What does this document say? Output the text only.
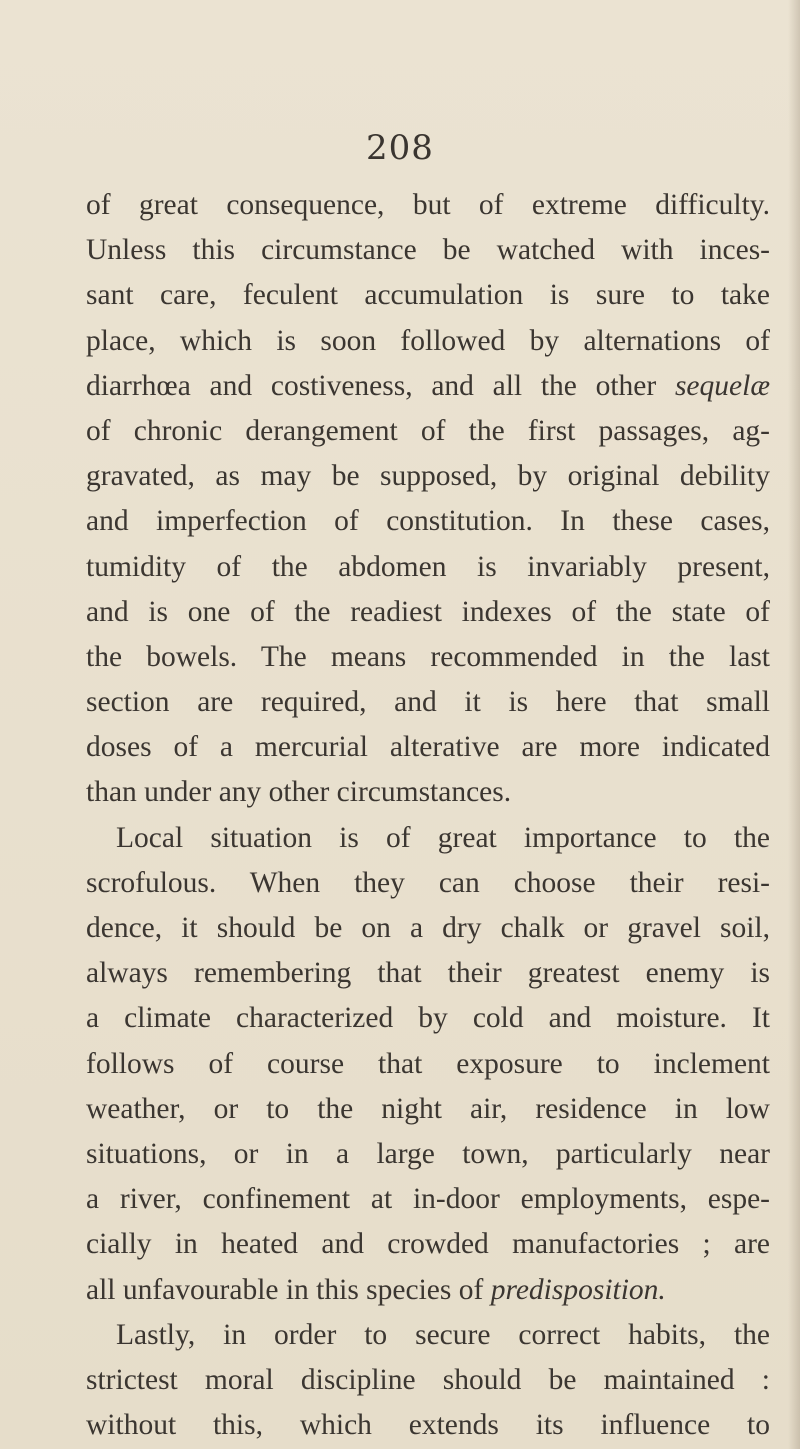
208
of great consequence, but of extreme difficulty.
Unless this circumstance be watched with inces-
sant care, feculent accumulation is sure to take
place, which is soon followed by alternations of
diarrhœa and costiveness, and all the other sequelæ
of chronic derangement of the first passages, ag-
gravated, as may be supposed, by original debility
and imperfection of constitution. In these cases,
tumidity of the abdomen is invariably present,
and is one of the readiest indexes of the state of
the bowels. The means recommended in the last
section are required, and it is here that small
doses of a mercurial alterative are more indicated
than under any other circumstances.
Local situation is of great importance to the
scrofulous. When they can choose their resi-
dence, it should be on a dry chalk or gravel soil,
always remembering that their greatest enemy is
a climate characterized by cold and moisture. It
follows of course that exposure to inclement
weather, or to the night air, residence in low
situations, or in a large town, particularly near
a river, confinement at in-door employments, espe-
cially in heated and crowded manufactories ; are
all unfavourable in this species of predisposition.
Lastly, in order to secure correct habits, the
strictest moral discipline should be maintained :
without this, which extends its influence to
